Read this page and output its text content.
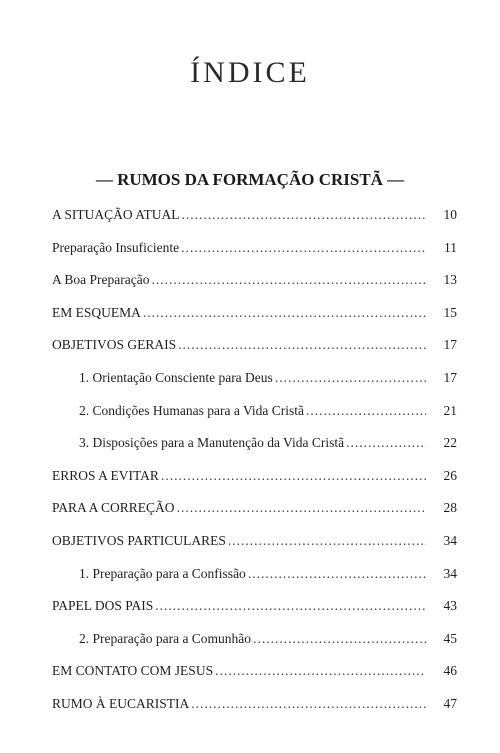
ÍNDICE
— RUMOS DA FORMAÇÃO CRISTÃ —
A SITUAÇÃO ATUAL .....	10
Preparação Insuficiente .....	11
A Boa Preparação .....	13
EM ESQUEMA .....	15
OBJETIVOS GERAIS .....	17
1. Orientação Consciente para Deus .....	17
2. Condições Humanas para a Vida Cristã .....	21
3. Disposições para a Manutenção da Vida Cristã .....	22
ERROS A EVITAR .....	26
PARA A CORREÇÃO .....	28
OBJETIVOS PARTICULARES .....	34
1. Preparação para a Confissão .....	34
PAPEL DOS PAIS .....	43
2. Preparação para a Comunhão .....	45
EM CONTATO COM JESUS .....	46
RUMO À EUCARISTIA .....	47
